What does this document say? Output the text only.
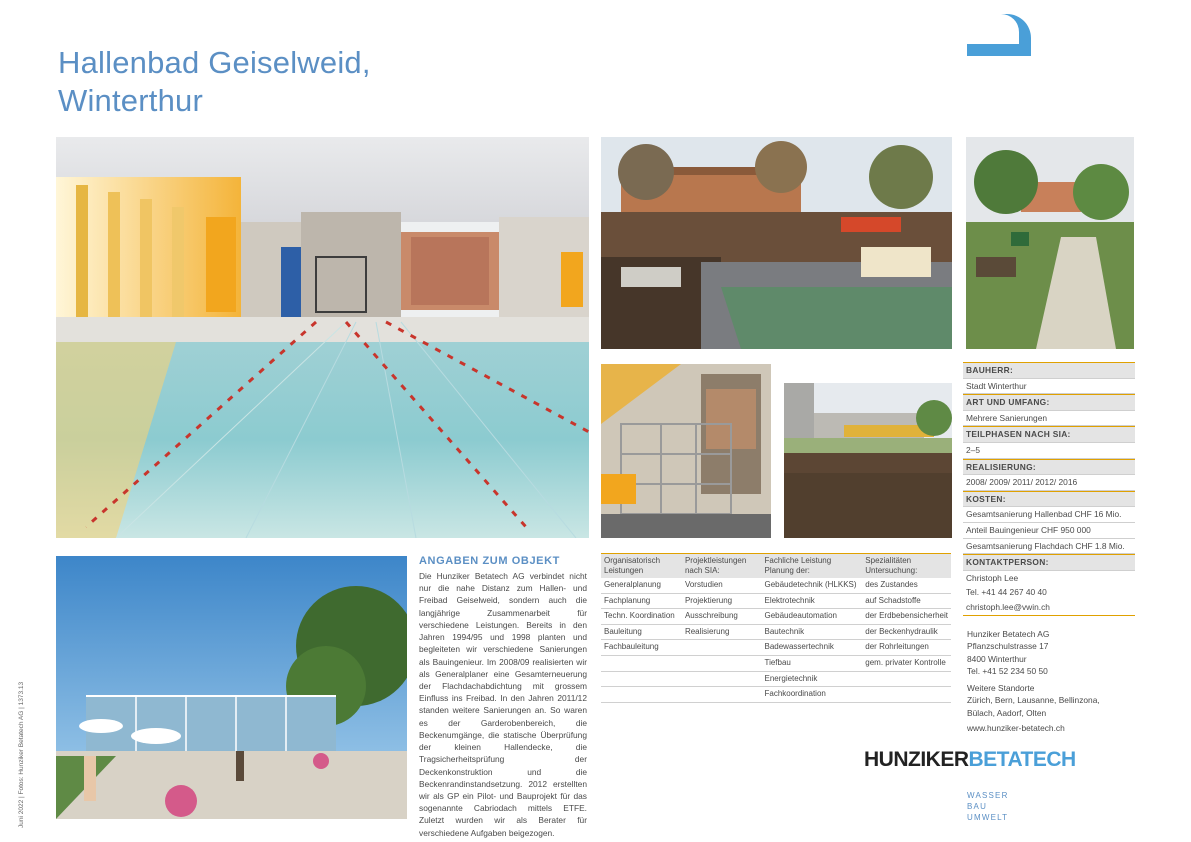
Hallenbad Geiselweid,
Winterthur
BAUHERR:
Stadt Winterthur
ART UND UMFANG:
Mehrere Sanierungen
TEILPHASEN NACH SIA:
2–5
REALISIERUNG:
2008/ 2009/ 2011/ 2012/ 2016
KOSTEN:
Gesamtsanierung Hallenbad CHF 16 Mio.
Anteil Bauingenieur CHF 950 000
Gesamtsanierung Flachdach CHF 1.8 Mio.
KONTAKTPERSON:
Christoph Lee
Tel. +41 44 267 40 40
christoph.lee@vwin.ch
Hunziker Betatech AG
Pflanzschulstrasse 17
8400 Winterthur
Tel. +41 52 234 50 50
Weitere Standorte
Zürich, Bern, Lausanne, Bellinzona,
Bülach, Aadorf, Olten
www.hunziker-betatech.ch
HUNZIKERBETATECH
WASSER
BAU
UMWELT
ANGABEN ZUM OBJEKT
Die Hunziker Betatech AG verbindet nicht nur die nahe Distanz zum Hallen- und Freibad Geiselweid, sondern auch die langjährige Zusammenarbeit für verschiedene Leistungen. Bereits in den Jahren 1994/95 und 1998 planten und begleiteten wir verschiedene Sanierungen als Bauingenieur. Im 2008/09 realisierten wir als Generalplaner eine Gesamterneuerung der Flachdachabdichtung mit grossem Einfluss ins Freibad. In den Jahren 2011/12 standen weitere Sanierungen an. So waren es der Garderobenbereich, die Beckenumgänge, die statische Überprüfung der kleinen Hallendecke, die Tragsicherheitsprüfung der Deckenkonstruktion und die Beckenrandinstandsetzung. 2012 erstellten wir als GP ein Pilot- und Bauprojekt für das sogenannte Cabriodach mittels ETFE. Zuletzt wurden wir als Berater für verschiedene Aufgaben beigezogen.
Organisatorisch Leistungen	Projektleistungen nach SIA:	Fachliche Leistung Planung der:	Spezialitäten Untersuchung:
Generalplanung	Vorstudien	Gebäudetechnik (HLKKS)	des Zustandes
Fachplanung	Projektierung	Elektrotechnik	auf Schadstoffe
Techn. Koordination	Ausschreibung	Gebäudeautomation	der Erdbebensicherheit
Bauleitung	Realisierung	Bautechnik	der Beckenhydraulik
Fachbauleitung		Badewassertechnik	der Rohrleitungen
		Tiefbau	gem. privater Kontrolle
		Energietechnik	
		Fachkoordination	
Juni 2022 | Fotos: Hunziker Betatech AG | 1373.13
